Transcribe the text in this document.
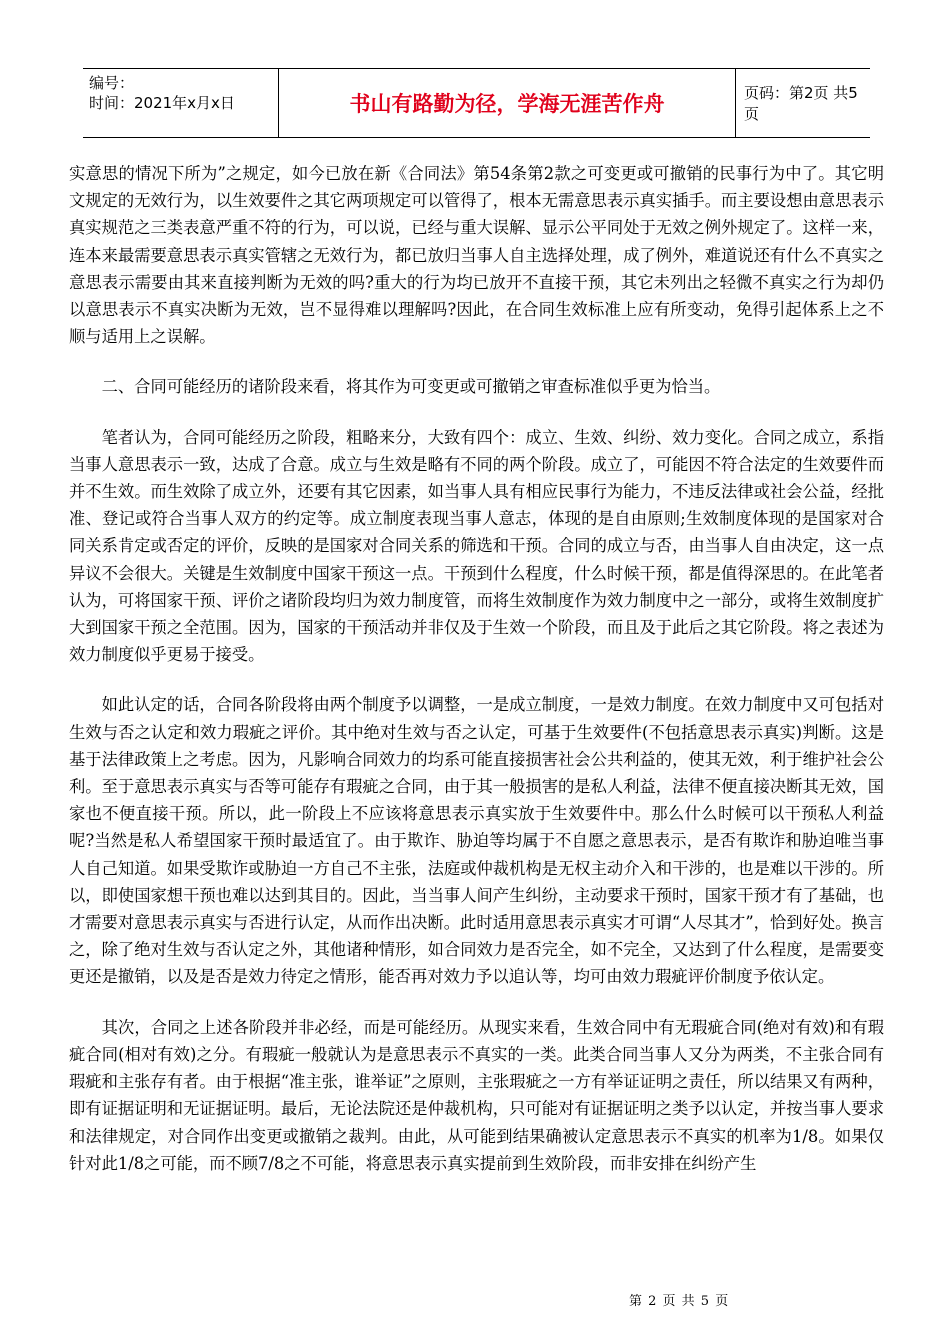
编号：
时间：2021年x月x日	书山有路勤为径，学海无涯苦作舟	页码：第2页 共5页

实意思的情况下所为”之规定，如今已放在新《合同法》第54条第2款之可变更或可撤销的民事行为中了。其它明文规定的无效行为，以生效要件之其它两项规定可以管得了，根本无需意思表示真实插手。而主要设想由意思表示真实规范之三类表意严重不符的行为，可以说，已经与重大误解、显示公平同处于无效之例外规定了。这样一来，连本来最需要意思表示真实管辖之无效行为，都已放归当事人自主选择处理，成了例外，难道说还有什么不真实之意思表示需要由其来直接判断为无效的吗?重大的行为均已放开不直接干预，其它未列出之轻微不真实之行为却仍以意思表示不真实决断为无效，岂不显得难以理解吗?因此，在合同生效标准上应有所变动，免得引起体系上之不顺与适用上之误解。

二、合同可能经历的诸阶段来看，将其作为可变更或可撤销之审查标准似乎更为恰当。

笔者认为，合同可能经历之阶段，粗略来分，大致有四个：成立、生效、纠纷、效力变化。合同之成立，系指当事人意思表示一致，达成了合意。成立与生效是略有不同的两个阶段。成立了，可能因不符合法定的生效要件而并不生效。而生效除了成立外，还要有其它因素，如当事人具有相应民事行为能力，不违反法律或社会公益，经批准、登记或符合当事人双方的约定等。成立制度表现当事人意志，体现的是自由原则;生效制度体现的是国家对合同关系肯定或否定的评价，反映的是国家对合同关系的筛选和干预。合同的成立与否，由当事人自由决定，这一点异议不会很大。关键是生效制度中国家干预这一点。干预到什么程度，什么时候干预，都是值得深思的。在此笔者认为，可将国家干预、评价之诸阶段均归为效力制度管，而将生效制度作为效力制度中之一部分，或将生效制度扩大到国家干预之全范围。因为，国家的干预活动并非仅及于生效一个阶段，而且及于此后之其它阶段。将之表述为效力制度似乎更易于接受。

如此认定的话，合同各阶段将由两个制度予以调整，一是成立制度，一是效力制度。在效力制度中又可包括对生效与否之认定和效力瑕疵之评价。其中绝对生效与否之认定，可基于生效要件(不包括意思表示真实)判断。这是基于法律政策上之考虑。因为，凡影响合同效力的均系可能直接损害社会公共利益的，使其无效，利于维护社会公利。至于意思表示真实与否等可能存有瑕疵之合同，由于其一般损害的是私人利益，法律不便直接决断其无效，国家也不便直接干预。所以，此一阶段上不应该将意思表示真实放于生效要件中。那么什么时候可以干预私人利益呢?当然是私人希望国家干预时最适宜了。由于欺诈、胁迫等均属于不自愿之意思表示，是否有欺诈和胁迫唯当事人自己知道。如果受欺诈或胁迫一方自己不主张，法庭或仲裁机构是无权主动介入和干涉的，也是难以干涉的。所以，即使国家想干预也难以达到其目的。因此，当当事人间产生纠纷，主动要求干预时，国家干预才有了基础，也才需要对意思表示真实与否进行认定，从而作出决断。此时适用意思表示真实才可谓“人尽其才”，恰到好处。换言之，除了绝对生效与否认定之外，其他诸种情形，如合同效力是否完全，如不完全，又达到了什么程度，是需要变更还是撤销，以及是否是效力待定之情形，能否再对效力予以追认等，均可由效力瑕疵评价制度予依认定。

其次，合同之上述各阶段并非必经，而是可能经历。从现实来看，生效合同中有无瑕疵合同(绝对有效)和有瑕疵合同(相对有效)之分。有瑕疵一般就认为是意思表示不真实的一类。此类合同当事人又分为两类，不主张合同有瑕疵和主张存有者。由于根据“准主张，谁举证”之原则，主张瑕疵之一方有举证证明之责任，所以结果又有两种，即有证据证明和无证据证明。最后，无论法院还是仲裁机构，只可能对有证据证明之类予以认定，并按当事人要求和法律规定，对合同作出变更或撤销之裁判。由此，从可能到结果确被认定意思表示不真实的机率为1/8。如果仅针对此1/8之可能，而不顾7/8之不可能，将意思表示真实提前到生效阶段，而非安排在纠纷产生

第 2 页 共 5 页
